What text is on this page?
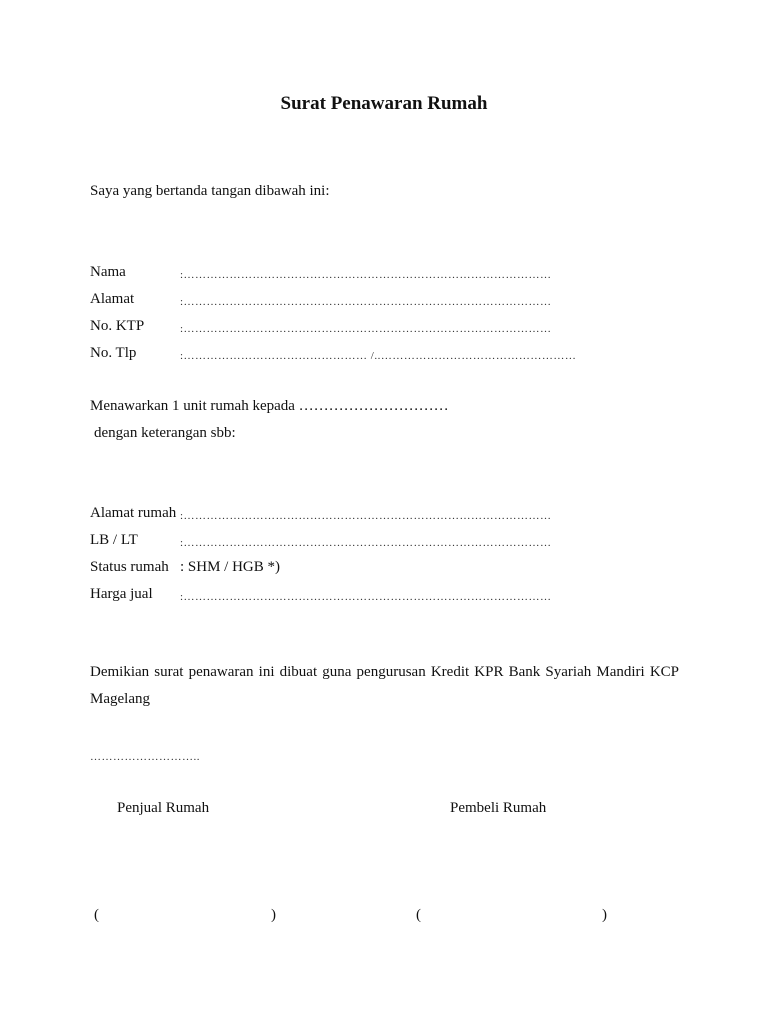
Surat Penawaran Rumah
Saya yang bertanda tangan dibawah ini:
Nama	:……………………………………………………………………………………
Alamat	:……………………………………………………………………………………
No. KTP	:……………………………………………………………………………………
No. Tlp	:………………………………………… /..……………………………………………
Menawarkan 1 unit rumah kepada …………………………
dengan keterangan sbb:
Alamat rumah :……………………………………………………………………………………
LB / LT	:……………………………………………………………………………………
Status rumah : SHM / HGB *)
Harga jual :……………………………………………………………………………………
Demikian surat penawaran ini dibuat guna pengurusan Kredit KPR Bank Syariah Mandiri KCP Magelang
………………………..
Penjual Rumah	Pembeli Rumah
(	)	(	)
